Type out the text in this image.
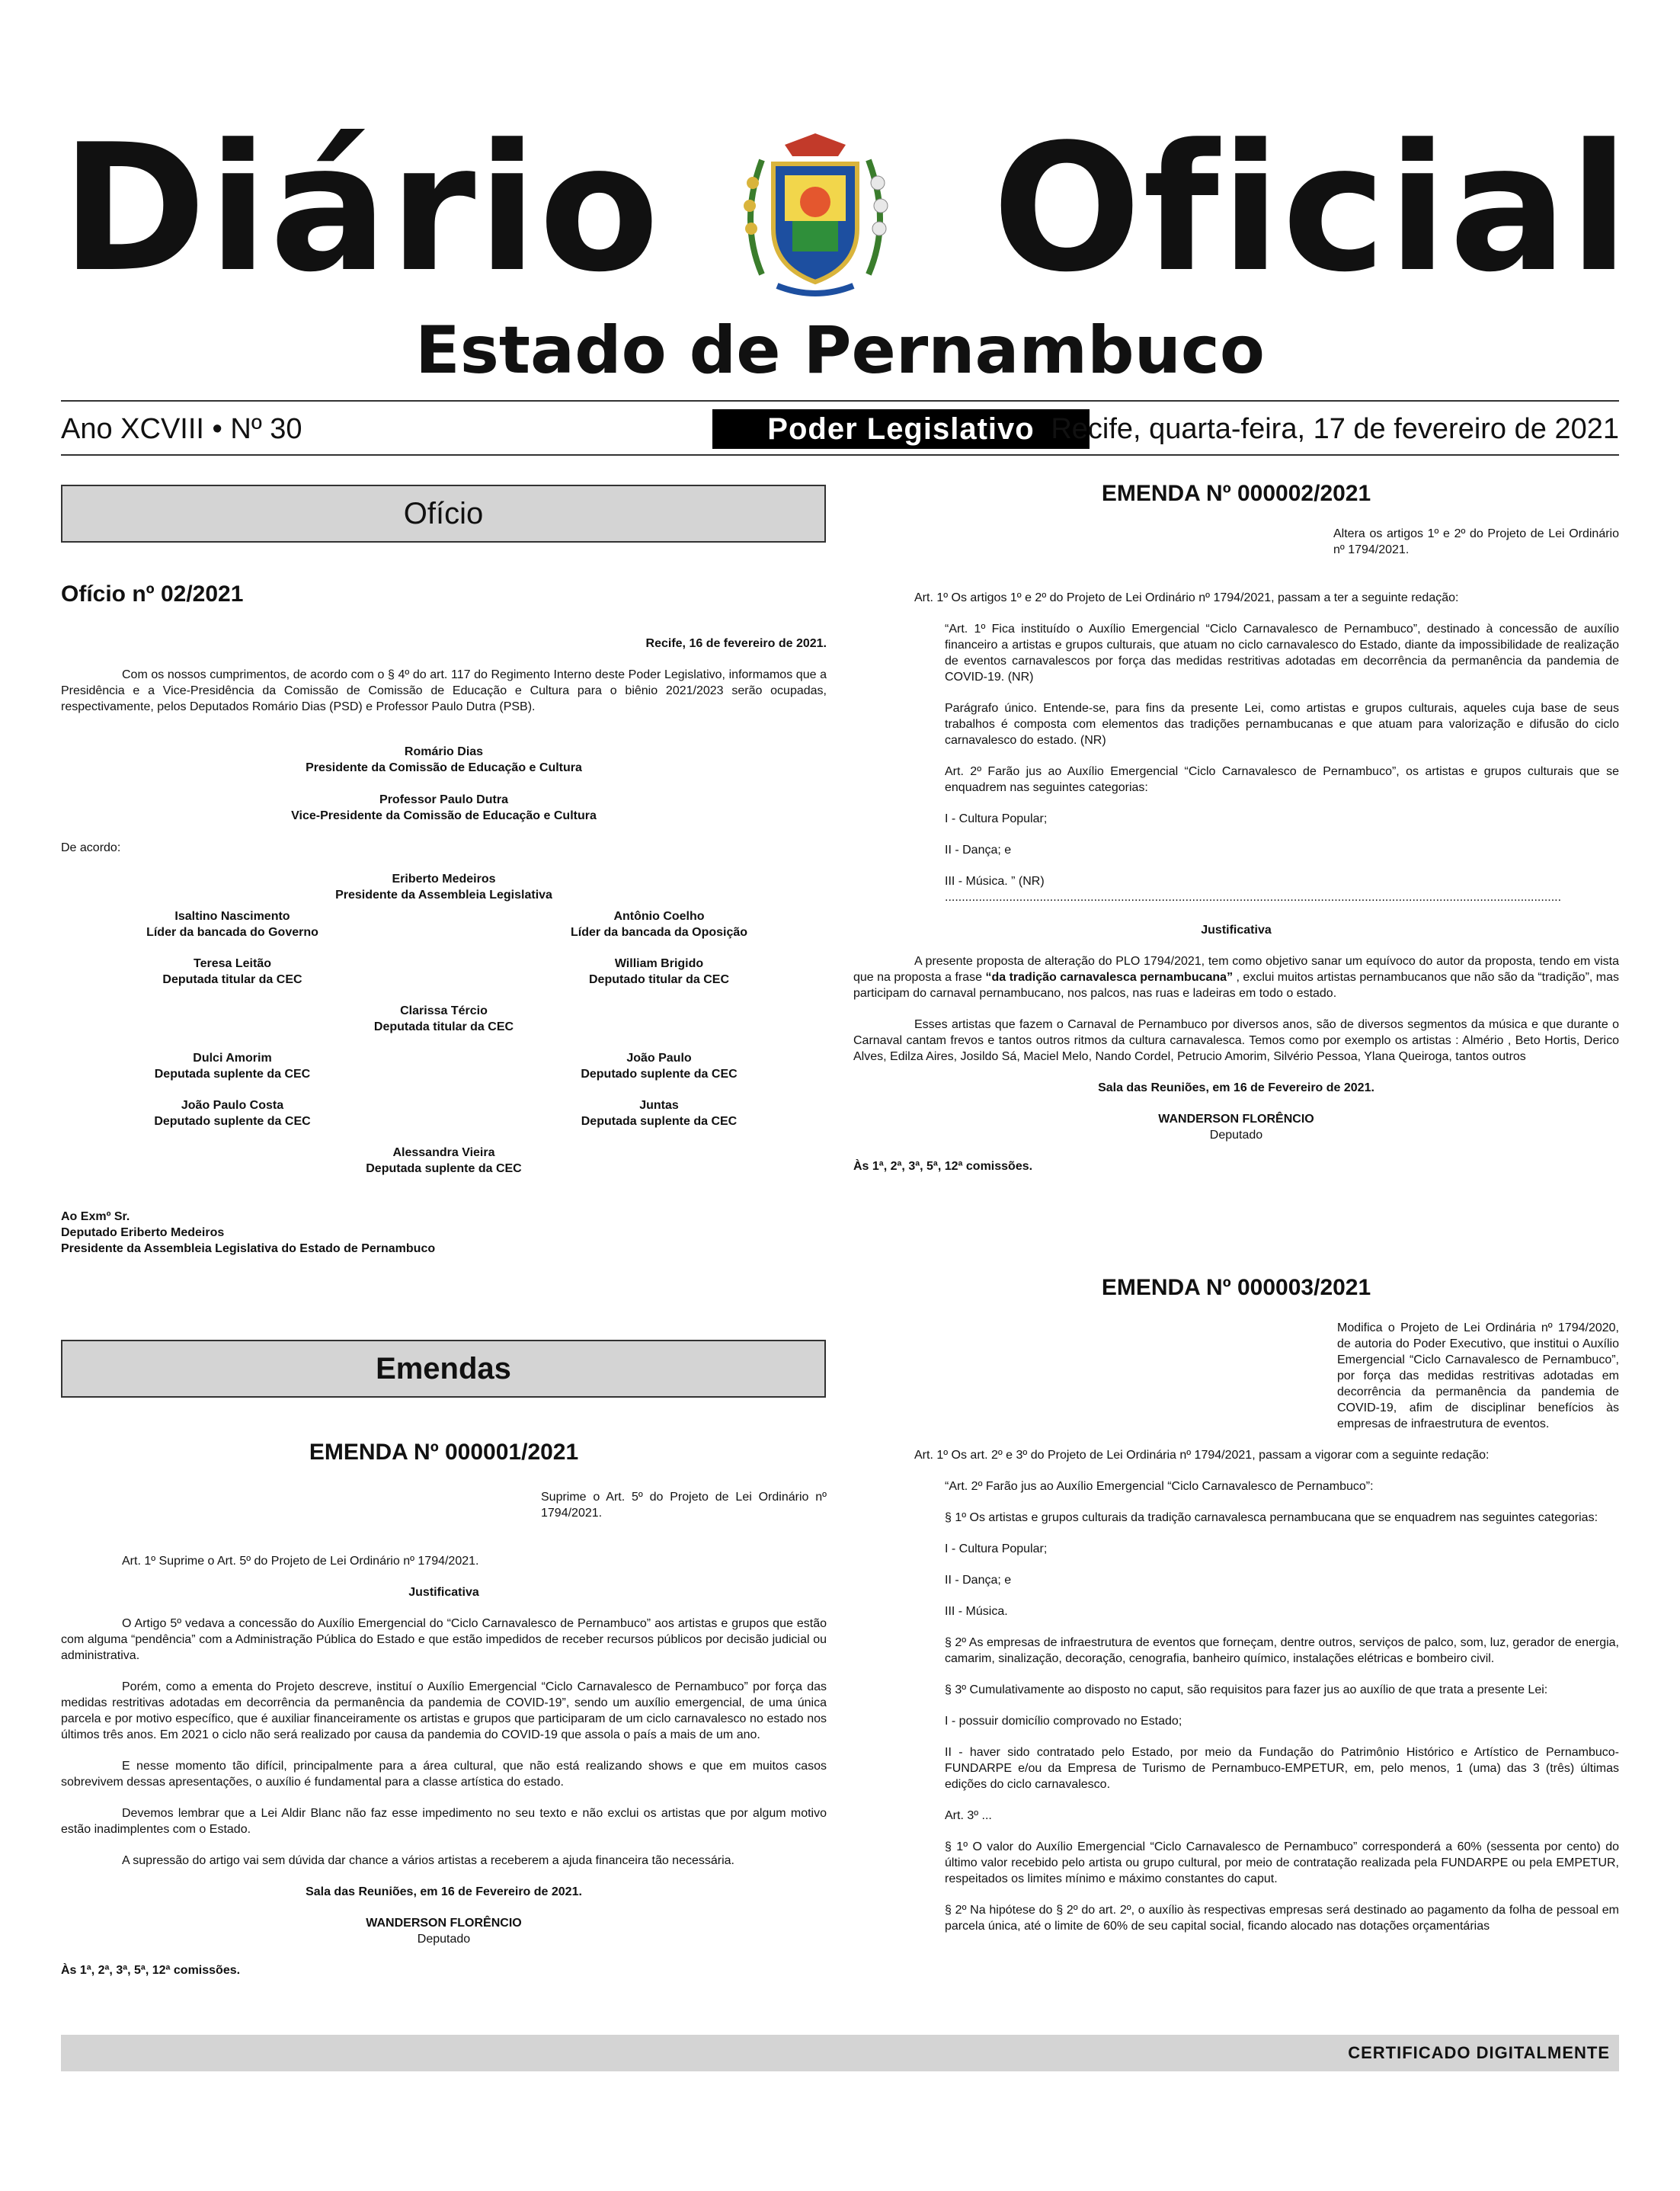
Diário Oficial
Estado de Pernambuco
Ano XCVIII • Nº 30	Poder Legislativo Recife, quarta-feira, 17 de fevereiro de 2021
Ofício

Ofício nº 02/2021

Recife, 16 de fevereiro de 2021.

Com os nossos cumprimentos, de acordo com o § 4º do art. 117 do Regimento Interno deste Poder Legislativo, informamos que a Presidência e a Vice-Presidência da Comissão de Comissão de Educação e Cultura para o biênio 2021/2023 serão ocupadas, respectivamente, pelos Deputados Romário Dias (PSD) e Professor Paulo Dutra (PSB).

Romário Dias

Presidente da Comissão de Educação e Cultura

Professor Paulo Dutra

Vice-Presidente da Comissão de Educação e Cultura

De acordo:

Eriberto Medeiros

Presidente da Assembleia Legislativa

Isaltino Nascimento

Líder da bancada do Governo

Antônio Coelho

Líder da bancada da Oposição

Teresa Leitão

Deputada titular da CEC

William Brigido

Deputado titular da CEC

Clarissa Tércio

Deputada titular da CEC

Dulci Amorim

Deputada suplente da CEC

João Paulo

Deputado suplente da CEC

João Paulo Costa

Deputado suplente da CEC

Juntas

Deputada suplente da CEC

Alessandra Vieira

Deputada suplente da CEC

Ao Exmº Sr.

Deputado Eriberto Medeiros

Presidente da Assembleia Legislativa do Estado de Pernambuco

Emendas

EMENDA Nº 000001/2021

Suprime o Art. 5º do Projeto de Lei Ordinário nº 1794/2021.

Art. 1º Suprime o Art. 5º do Projeto de Lei Ordinário nº 1794/2021.

Justificativa

O Artigo 5º vedava a concessão do Auxílio Emergencial do “Ciclo Carnavalesco de Pernambuco” aos artistas e grupos que estão com alguma “pendência” com a Administração Pública do Estado e que estão impedidos de receber recursos públicos por decisão judicial ou administrativa.

Porém, como a ementa do Projeto descreve, instituí o Auxílio Emergencial “Ciclo Carnavalesco de Pernambuco” por força das medidas restritivas adotadas em decorrência da permanência da pandemia de COVID-19”, sendo um auxílio emergencial, de uma única parcela e por motivo específico, que é auxiliar financeiramente os artistas e grupos que participaram de um ciclo carnavalesco no estado nos últimos três anos. Em 2021 o ciclo não será realizado por causa da pandemia do COVID-19 que assola o país a mais de um ano.

E nesse momento tão difícil, principalmente para a área cultural, que não está realizando shows e que em muitos casos sobrevivem dessas apresentações, o auxílio é fundamental para a classe artística do estado.

Devemos lembrar que a Lei Aldir Blanc não faz esse impedimento no seu texto e não exclui os artistas que por algum motivo estão inadimplentes com o Estado.

A supressão do artigo vai sem dúvida dar chance a vários artistas a receberem a ajuda financeira tão necessária.

Sala das Reuniões, em 16 de Fevereiro de 2021.

WANDERSON FLORÊNCIO

Deputado

Às 1ª, 2ª, 3ª, 5ª, 12ª comissões.

EMENDA Nº 000002/2021

Altera os artigos 1º e 2º do Projeto de Lei Ordinário nº 1794/2021.

Art. 1º Os artigos 1º e 2º do Projeto de Lei Ordinário nº 1794/2021, passam a ter a seguinte redação:

“Art. 1º Fica instituído o Auxílio Emergencial “Ciclo Carnavalesco de Pernambuco”, destinado à concessão de auxílio financeiro a artistas e grupos culturais, que atuam no ciclo carnavalesco do Estado, diante da impossibilidade de realização de eventos carnavalescos por força das medidas restritivas adotadas em decorrência da permanência da pandemia de COVID-19. (NR)

Parágrafo único. Entende-se, para fins da presente Lei, como artistas e grupos culturais, aqueles cuja base de seus trabalhos é composta com elementos das tradições pernambucanas e que atuam para valorização e difusão do ciclo carnavalesco do estado. (NR)

Art. 2º Farão jus ao Auxílio Emergencial “Ciclo Carnavalesco de Pernambuco”, os artistas e grupos culturais que se enquadrem nas seguintes categorias:

I - Cultura Popular;

II - Dança; e

III - Música. ” (NR)

......................................................................................................................................................................................

Justificativa

A presente proposta de alteração do PLO 1794/2021, tem como objetivo sanar um equívoco do autor da proposta, tendo em vista que na proposta a frase “da tradição carnavalesca pernambucana” , exclui muitos artistas pernambucanos que não são da “tradição”, mas participam do carnaval pernambucano, nos palcos, nas ruas e ladeiras em todo o estado.

Esses artistas que fazem o Carnaval de Pernambuco por diversos anos, são de diversos segmentos da música e que durante o Carnaval cantam frevos e tantos outros ritmos da cultura carnavalesca. Temos como por exemplo os artistas : Almério , Beto Hortis, Derico Alves, Edilza Aires, Josildo Sá, Maciel Melo, Nando Cordel, Petrucio Amorim, Silvério Pessoa, Ylana Queiroga, tantos outros

Sala das Reuniões, em 16 de Fevereiro de 2021.

WANDERSON FLORÊNCIO

Deputado

Às 1ª, 2ª, 3ª, 5ª, 12ª comissões.

EMENDA Nº 000003/2021

Modifica o Projeto de Lei Ordinária nº 1794/2020, de autoria do Poder Executivo, que institui o Auxílio Emergencial “Ciclo Carnavalesco de Pernambuco”, por força das medidas restritivas adotadas em decorrência da permanência da pandemia de COVID-19, afim de disciplinar benefícios às empresas de infraestrutura de eventos.

Art. 1º Os art. 2º e 3º do Projeto de Lei Ordinária nº 1794/2021, passam a vigorar com a seguinte redação:

“Art. 2º Farão jus ao Auxílio Emergencial “Ciclo Carnavalesco de Pernambuco”:

§ 1º Os artistas e grupos culturais da tradição carnavalesca pernambucana que se enquadrem nas seguintes categorias:

I - Cultura Popular;

II - Dança; e

III - Música.

§ 2º As empresas de infraestrutura de eventos que forneçam, dentre outros, serviços de palco, som, luz, gerador de energia, camarim, sinalização, decoração, cenografia, banheiro químico, instalações elétricas e bombeiro civil.

§ 3º Cumulativamente ao disposto no caput, são requisitos para fazer jus ao auxílio de que trata a presente Lei:

I - possuir domicílio comprovado no Estado;

II - haver sido contratado pelo Estado, por meio da Fundação do Patrimônio Histórico e Artístico de Pernambuco-FUNDARPE e/ou da Empresa de Turismo de Pernambuco-EMPETUR, em, pelo menos, 1 (uma) das 3 (três) últimas edições do ciclo carnavalesco.

Art. 3º ...

§ 1º O valor do Auxílio Emergencial “Ciclo Carnavalesco de Pernambuco” corresponderá a 60% (sessenta por cento) do último valor recebido pelo artista ou grupo cultural, por meio de contratação realizada pela FUNDARPE ou pela EMPETUR, respeitados os limites mínimo e máximo constantes do caput.

§ 2º Na hipótese do § 2º do art. 2º, o auxílio às respectivas empresas será destinado ao pagamento da folha de pessoal em parcela única, até o limite de 60% de seu capital social, ficando alocado nas dotações orçamentárias

CERTIFICADO DIGITALMENTE
